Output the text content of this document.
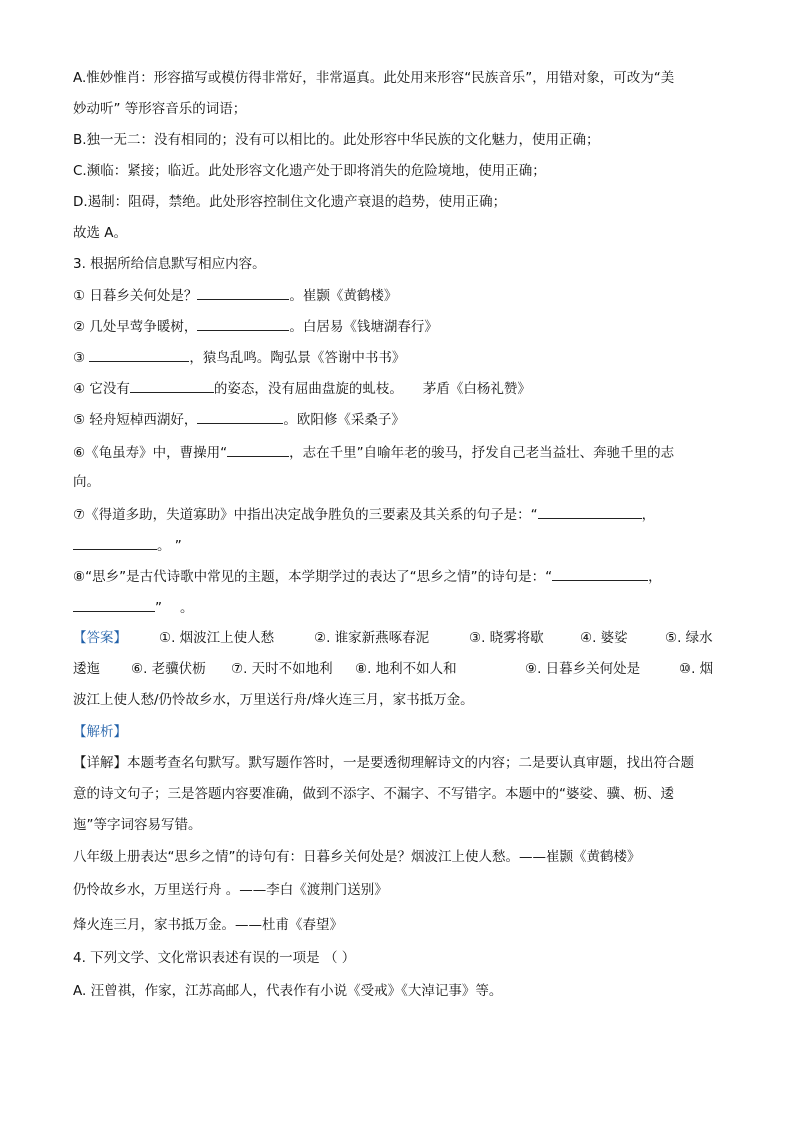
A.惟妙惟肖：形容描写或模仿得非常好，非常逼真。此处用来形容“民族音乐”，用错对象，可改为“美
妙动听” 等形容音乐的词语；
B.独一无二：没有相同的；没有可以相比的。此处形容中华民族的文化魅力，使用正确；
C.濒临：紧接；临近。此处形容文化遗产处于即将消失的危险境地，使用正确；
D.遏制：阻碍，禁绝。此处形容控制住文化遗产衰退的趋势，使用正确；
故选 A。
3. 根据所给信息默写相应内容。
① 日暮乡关何处是？	。崔颢《黄鹤楼》
② 几处早莺争暖树，	。白居易《钱塘湖春行》
③	，猿鸟乱鸣。陶弘景《答谢中书书》
④ 它没有	的姿态，没有屈曲盘旋的虬枝。 茅盾《白杨礼赞》
⑤ 轻舟短棹西湖好，	。欧阳修《采桑子》
⑥《龟虽寿》中，曹操用“	，志在千里”自喻年老的骏马，抒发自己老当益壮、奔驰千里的志
向。
⑦《得道多助，失道寡助》中指出决定战争胜负的三要素及其关系的句子是：“	，
。 ”
⑧“思乡”是古代诗歌中常见的主题，本学期学过的表达了“思乡之情”的诗句是：“	，
” 。
【答案】 ①. 烟波江上使人愁	②. 谁家新燕啄春泥	③. 晓雾将歇	④. 婆娑	⑤. 绿水
逶迤 ⑥. 老骥伏枥 ⑦. 天时不如地利 ⑧. 地利不如人和	⑨. 日暮乡关何处是	⑩. 烟
波江上使人愁/仍怜故乡水，万里送行舟/烽火连三月，家书抵万金。
【解析】
【详解】本题考查名句默写。默写题作答时，一是要透彻理解诗文的内容；二是要认真审题，找出符合题
意的诗文句子；三是答题内容要准确，做到不添字、不漏字、不写错字。本题中的“婆娑、骥、枥、逶
迤”等字词容易写错。
八年级上册表达“思乡之情”的诗句有：日暮乡关何处是？烟波江上使人愁。——崔颢《黄鹤楼》
仍怜故乡水，万里送行舟 。——李白《渡荆门送别》
烽火连三月，家书抵万金。——杜甫《春望》
4. 下列文学、文化常识表述有误的一项是 （ ）
A. 汪曾祺，作家，江苏高邮人，代表作有小说《受戒》《大淖记事》等。
